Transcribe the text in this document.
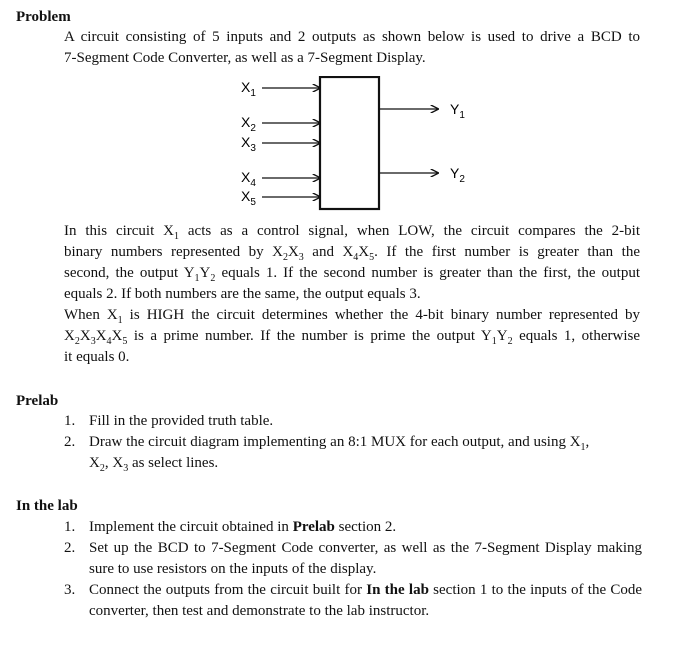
Problem
A circuit consisting of 5 inputs and 2 outputs as shown below is used to drive a BCD to
7-Segment Code Converter, as well as a 7-Segment Display.
$X_1$
$X_2$
$X_3$
$X_4$
$X_5$
$Y_1$
$Y_2$
In this circuit $X_1$ acts as a control signal, when LOW, the circuit compares the 2-bit
binary numbers represented by $X_2X_3$ and $X_4X_5$. If the first number is greater than the
second, the output $Y_1Y_2$ equals 1. If the second number is greater than the first, the output
equals 2. If both numbers are the same, the output equals 3.
When $X_1$ is HIGH the circuit determines whether the 4-bit binary number represented by
$X_2X_3X_4X_5$ is a prime number. If the number is prime the output $Y_1Y_2$ equals 1, otherwise
it equals 0.
Prelab
1. Fill in the provided truth table.
2. Draw the circuit diagram implementing an 8:1 MUX for each output, and using $X_1$,
$X_2$, $X_3$ as select lines.
In the lab
1. Implement the circuit obtained in Prelab section 2.
2. Set up the BCD to 7-Segment Code converter, as well as the 7-Segment Display making sure to use resistors on the inputs of the display.
3. Connect the outputs from the circuit built for In the lab section 1 to the inputs of the Code converter, then test and demonstrate to the lab instructor.
